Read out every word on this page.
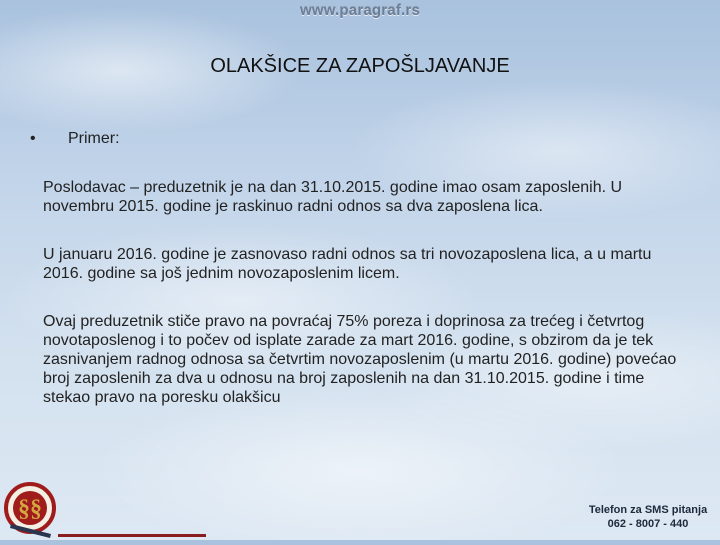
www.paragraf.rs
OLAKŠICE ZA ZAPOŠLJAVANJE
•	Primer:

Poslodavac – preduzetnik je na dan 31.10.2015. godine imao osam zaposlenih. U novembru 2015. godine je raskinuo radni odnos sa dva zaposlena lica.

U januaru 2016. godine je zasnovaso radni odnos sa tri novozaposlena lica, a u martu 2016. godine sa još jednim novozaposlenim licem.

Ovaj preduzetnik stiče pravo na povraćaj 75% poreza i doprinosa za trećeg i četvrtog novotaposlenog i to počev od isplate zarade za mart 2016. godine, s obzirom da je tek zasnivanjem radnog odnosa sa četvrtim novozaposlenim (u martu 2016. godine) povećao broj zaposlenih za dva u odnosu na broj zaposlenih na dan 31.10.2015. godine i time stekao pravo na poresku olakšicu

§§	Telefon za SMS pitanja
062 - 8007 - 440
